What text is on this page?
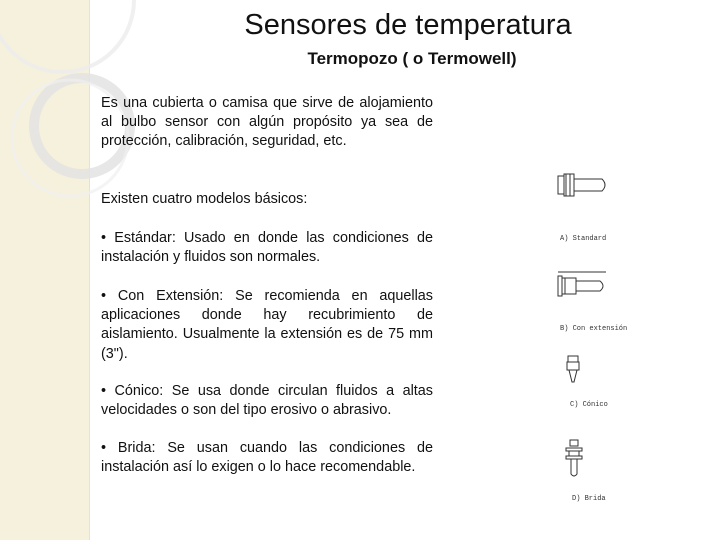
Sensores de temperatura
Termopozo ( o Termowell)

Es una cubierta o camisa que sirve de alojamiento al bulbo sensor con algún propósito ya sea de protección, calibración, seguridad, etc.

Existen cuatro modelos básicos:

• Estándar: Usado en donde las condiciones de instalación y fluidos son normales.

• Con Extensión: Se recomienda en aquellas aplicaciones donde hay recubrimiento de aislamiento. Usualmente la extensión es de 75 mm (3").

• Cónico: Se usa donde circulan fluidos a altas velocidades o son del tipo erosivo o abrasivo.

• Brida: Se usan cuando las condiciones de instalación así lo exigen o lo hace recomendable.

A) Standard
B) Con extensión
C) Cónico
D) Brida
